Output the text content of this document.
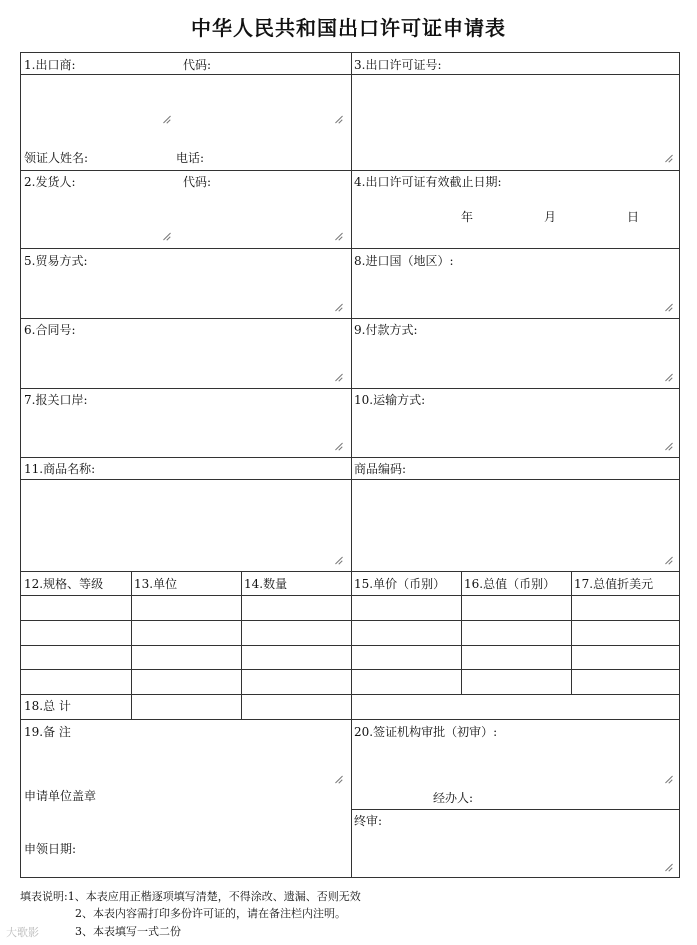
中华人民共和国出口许可证申请表
1.出口商:	代码:	3.出口许可证号:
领证人姓名:	电话:
2.发货人:	代码:	4.出口许可证有效截止日期:
年	月	日
5.贸易方式:	8.进口国（地区）:
6.合同号:	9.付款方式:
7.报关口岸:	10.运输方式:
11.商品名称:	商品编码:
12.规格、等级	13.单位	14.数量	15.单价（币别） 16.总值（币别） 17.总值折美元
18.总 计
19.备 注	20.签证机构审批（初审）:
申请单位盖章	经办人:
终审:
申领日期:
填表说明:1、本表应用正楷逐项填写清楚，不得涂改、遗漏、否则无效
2、本表内容需打印多份许可证的，请在备注栏内注明。
3、本表填写一式二份
大歌影
